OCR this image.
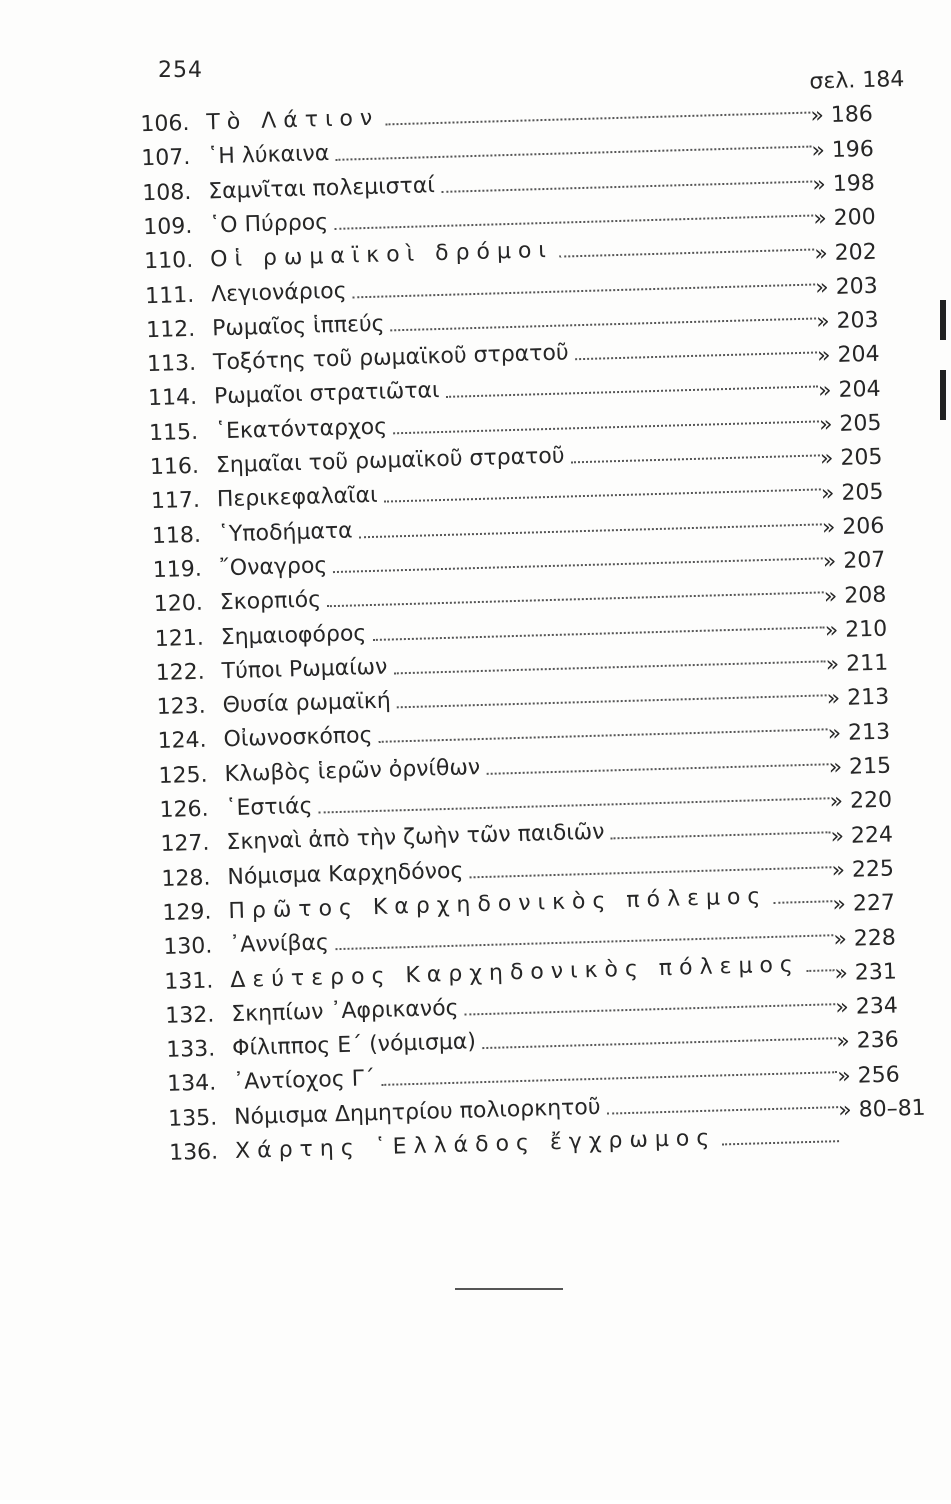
254
106. Τὸ Λάτιον
σελ. 184
107. ῾Η λύκαινα
» 186
108. Σαμνῖται πολεμισταί
» 196
109. ῾Ο Πύρρος
» 198
110. Οἱ ρωμαϊκοὶ δρόμοι
» 200
111. Λεγιονάριος
» 202
112. Ρωμαῖος ἱππεύς
» 203
113. Τοξότης τοῦ ρωμαϊκοῦ στρατοῦ
» 203
114. Ρωμαῖοι στρατιῶται
» 204
115. ῾Εκατόνταρχος
» 204
116. Σημαῖαι τοῦ ρωμαϊκοῦ στρατοῦ
» 205
117. Περικεφαλαῖαι
» 205
118. ῾Υποδήματα
» 205
119. ῎Οναγρος
» 206
120. Σκορπιός
» 207
121. Σημαιοφόρος
» 208
122. Τύποι Ρωμαίων
» 210
123. Θυσία ρωμαϊκή
» 211
124. Οἰωνοσκόπος
» 213
125. Κλωβὸς ἱερῶν ὀρνίθων
» 213
126. ῾Εστιάς
» 215
127. Σκηναὶ ἀπὸ τὴν ζωὴν τῶν παιδιῶν
» 220
128. Νόμισμα Καρχηδόνος
» 224
129. Πρῶτος Καρχηδονικὸς πόλεμος
» 225
130. ᾿Αννίβας
» 227
131. Δεύτερος Καρχηδονικὸς πόλεμος
» 228
132. Σκηπίων ᾿Αφρικανός
» 231
133. Φίλιππος Ε΄ (νόμισμα)
» 234
134. ᾿Αντίοχος Γ΄
» 236
135. Νόμισμα Δημητρίου πολιορκητοῦ
» 256
136. Χάρτης ῾Ελλάδος ἔγχρωμος
» 80–81
